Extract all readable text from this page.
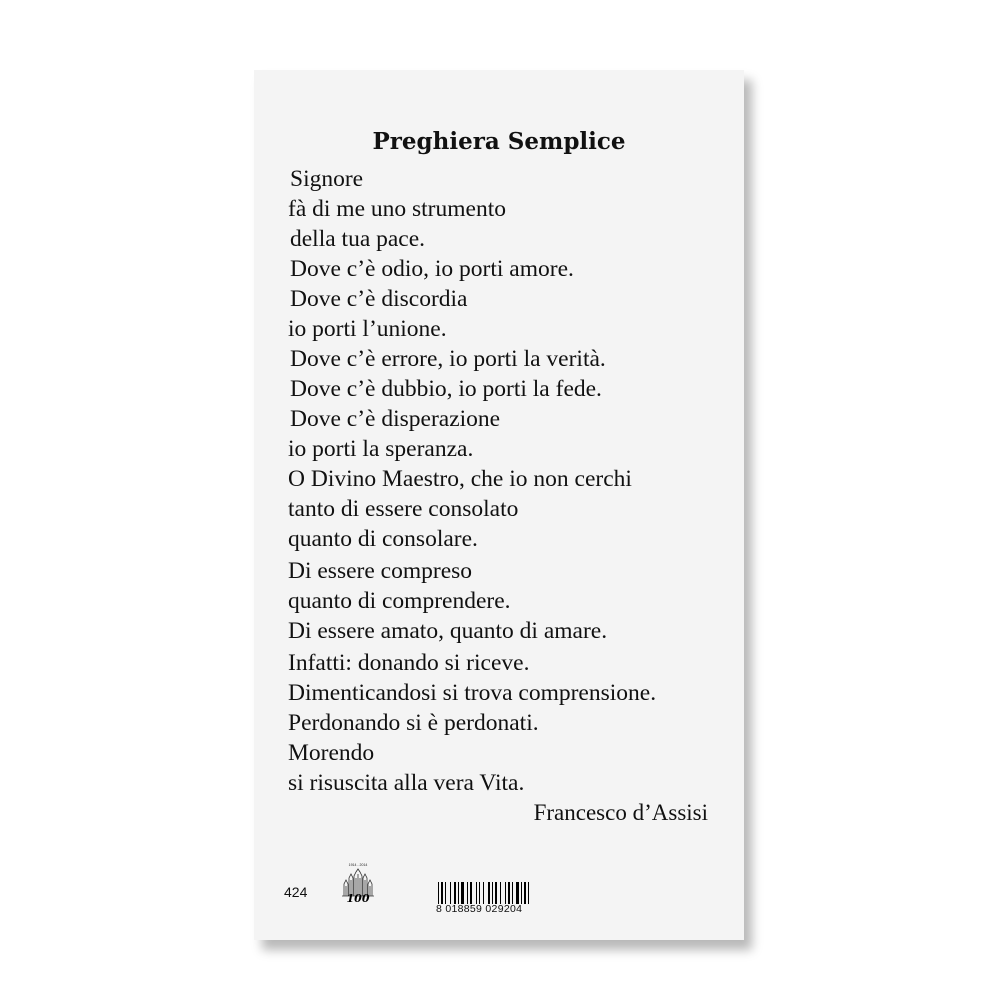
Preghiera Semplice
Signore
fà di me uno strumento
della tua pace.
Dove c’è odio, io porti amore.
Dove c’è discordia
io porti l’unione.
Dove c’è errore, io porti la verità.
Dove c’è dubbio, io porti la fede.
Dove c’è disperazione
io porti la speranza.
O Divino Maestro, che io non cerchi
tanto di essere consolato
quanto di consolare.
Di essere compreso
quanto di comprendere.
Di essere amato, quanto di amare.
Infatti: donando si riceve.
Dimenticandosi si trova comprensione.
Perdonando si è perdonati.
Morendo
si risuscita alla vera Vita.
Francesco d’Assisi
424
1914 - 2014
100
8 018859 029204
